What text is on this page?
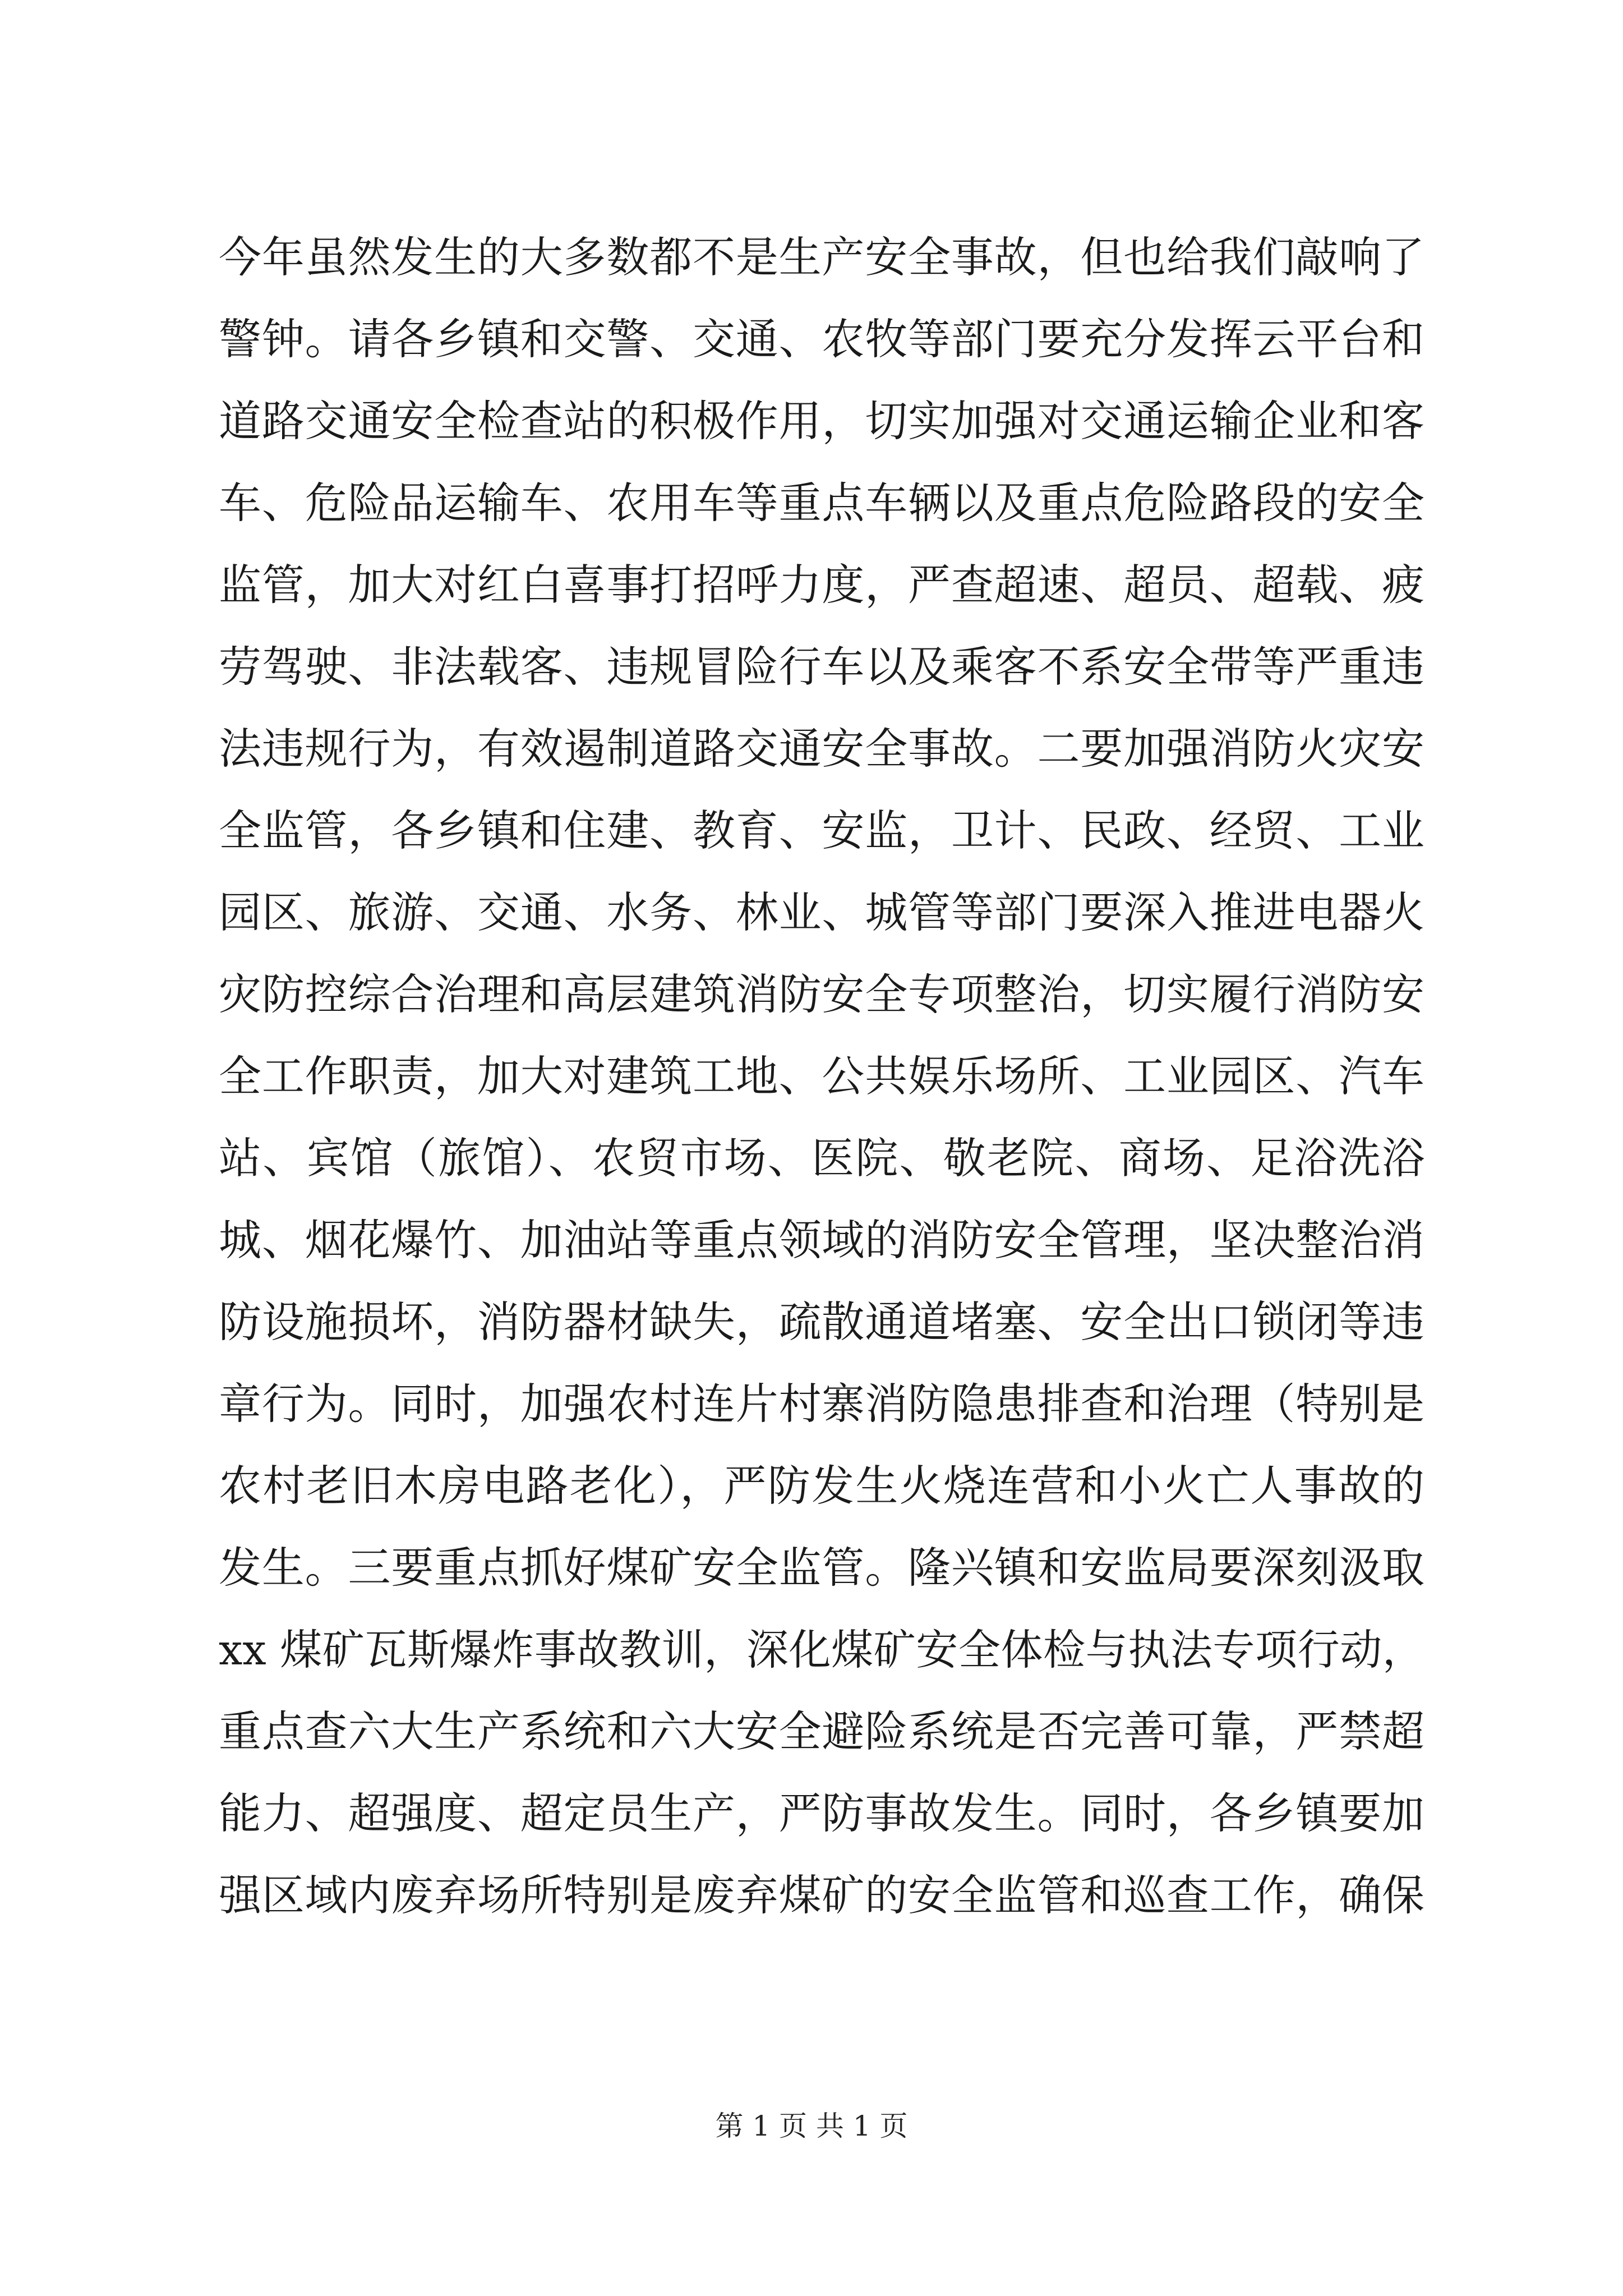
今年虽然发生的大多数都不是生产安全事故，但也给我们敲响了
警钟。请各乡镇和交警、交通、农牧等部门要充分发挥云平台和
道路交通安全检查站的积极作用，切实加强对交通运输企业和客
车、危险品运输车、农用车等重点车辆以及重点危险路段的安全
监管，加大对红白喜事打招呼力度，严查超速、超员、超载、疲
劳驾驶、非法载客、违规冒险行车以及乘客不系安全带等严重违
法违规行为，有效遏制道路交通安全事故。二要加强消防火灾安
全监管，各乡镇和住建、教育、安监，卫计、民政、经贸、工业
园区、旅游、交通、水务、林业、城管等部门要深入推进电器火
灾防控综合治理和高层建筑消防安全专项整治，切实履行消防安
全工作职责，加大对建筑工地、公共娱乐场所、工业园区、汽车
站、宾馆（旅馆）、农贸市场、医院、敬老院、商场、足浴洗浴
城、烟花爆竹、加油站等重点领域的消防安全管理，坚决整治消
防设施损坏，消防器材缺失，疏散通道堵塞、安全出口锁闭等违
章行为。同时，加强农村连片村寨消防隐患排查和治理（特别是
农村老旧木房电路老化），严防发生火烧连营和小火亡人事故的
发生。三要重点抓好煤矿安全监管。隆兴镇和安监局要深刻汲取
xx 煤矿瓦斯爆炸事故教训，深化煤矿安全体检与执法专项行动，
重点查六大生产系统和六大安全避险系统是否完善可靠，严禁超
能力、超强度、超定员生产，严防事故发生。同时，各乡镇要加
强区域内废弃场所特别是废弃煤矿的安全监管和巡查工作，确保
第 1 页 共 1 页
